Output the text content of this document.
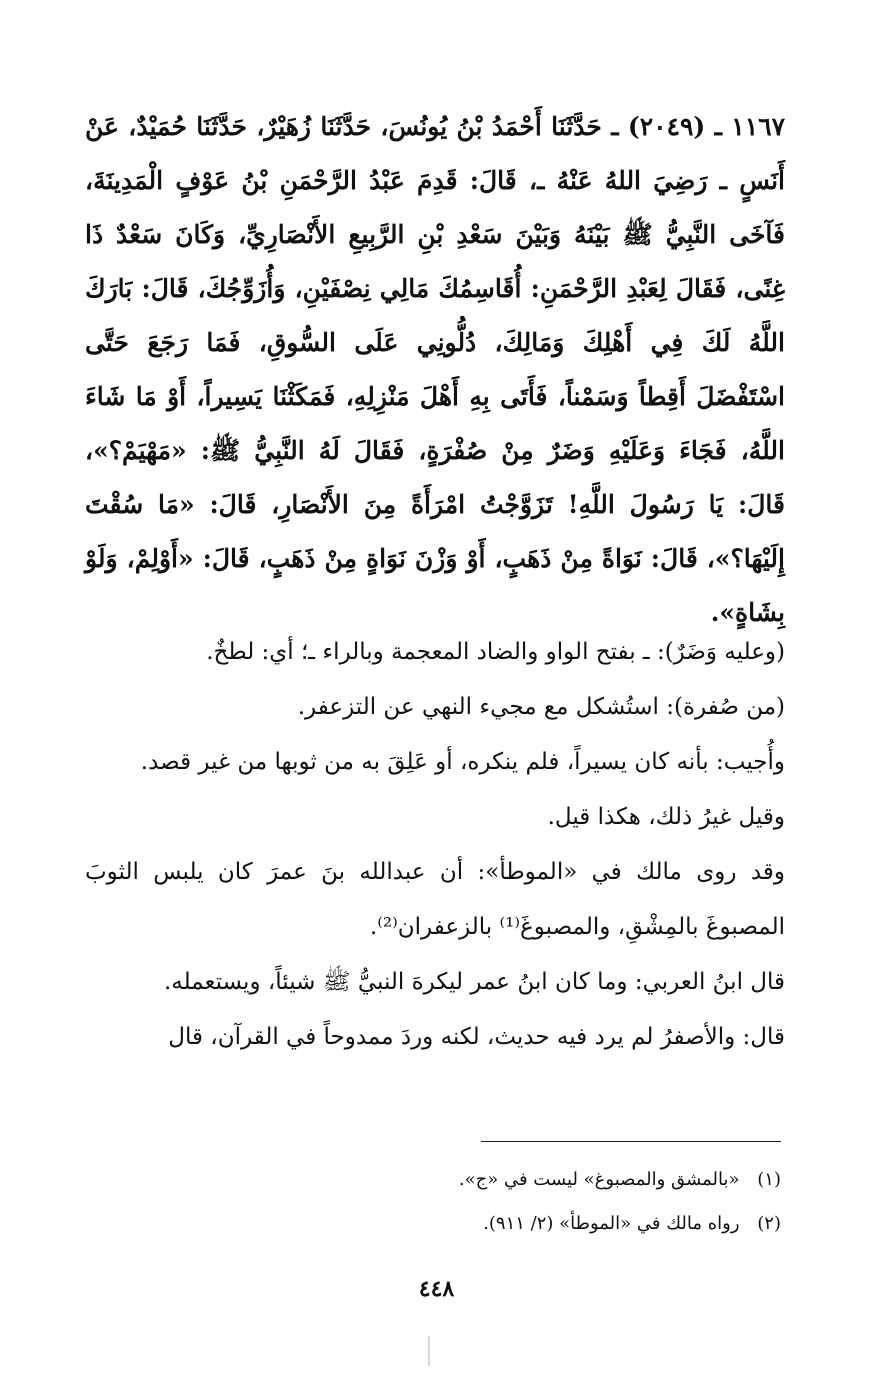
١١٦٧ ـ (٢٠٤٩) ـ حَدَّثَنَا أَحْمَدُ بْنُ يُونُسَ، حَدَّثَنَا زُهَيْرٌ، حَدَّثَنَا حُمَيْدٌ، عَنْ أَنَسٍ ـ رَضِيَ اللهُ عَنْهُ ـ، قَالَ: قَدِمَ عَبْدُ الرَّحْمَنِ بْنُ عَوْفٍ الْمَدِينَةَ، فَآخَى النَّبِيُّ ﷺ بَيْنَهُ وَبَيْنَ سَعْدِ بْنِ الرَّبِيعِ الأَنْصَارِيِّ، وَكَانَ سَعْدٌ ذَا غِنًى، فَقَالَ لِعَبْدِ الرَّحْمَنِ: أُقَاسِمُكَ مَالِي نِصْفَيْنِ، وَأُزَوِّجُكَ، قَالَ: بَارَكَ اللَّهُ لَكَ فِي أَهْلِكَ وَمَالِكَ، دُلُّونِي عَلَى السُّوقِ، فَمَا رَجَعَ حَتَّى اسْتَفْضَلَ أَقِطاً وَسَمْناً، فَأَتَى بِهِ أَهْلَ مَنْزِلِهِ، فَمَكَثْنَا يَسِيراً، أَوْ مَا شَاءَ اللَّهُ، فَجَاءَ وَعَلَيْهِ وَضَرٌ مِنْ صُفْرَةٍ، فَقَالَ لَهُ النَّبِيُّ ﷺ: «مَهْيَمْ؟»، قَالَ: يَا رَسُولَ اللَّهِ! تَزَوَّجْتُ امْرَأَةً مِنَ الأَنْصَارِ، قَالَ: «مَا سُقْتَ إِلَيْهَا؟»، قَالَ: نَوَاةً مِنْ ذَهَبٍ، أَوْ وَزْنَ نَوَاةٍ مِنْ ذَهَبٍ، قَالَ: «أَوْلِمْ، وَلَوْ بِشَاةٍ».

(وعليه وَضَرٌ): ـ بفتح الواو والضاد المعجمة وبالراء ـ؛ أي: لطخٌ.

(من صُفرة): استُشكل مع مجيء النهي عن التزعفر.

وأُجيب: بأنه كان يسيراً، فلم ينكره، أو عَلِقَ به من ثوبها من غير قصد.

وقيل غيرُ ذلك، هكذا قيل.

وقد روى مالك في «الموطأ»: أن عبدالله بنَ عمرَ كان يلبس الثوبَ المصبوغَ بالمِشْقِ، والمصبوغَ⁽¹⁾ بالزعفران⁽²⁾.

قال ابنُ العربي: وما كان ابنُ عمر ليكرهَ النبيُّ ﷺ شيئاً، ويستعمله.

قال: والأصفرُ لم يرد فيه حديث، لكنه وردَ ممدوحاً في القرآن، قال

(١) «بالمشق والمصبوغ» ليست في «ج».

(٢) رواه مالك في «الموطأ» (٢/ ٩١١).

٤٤٨
